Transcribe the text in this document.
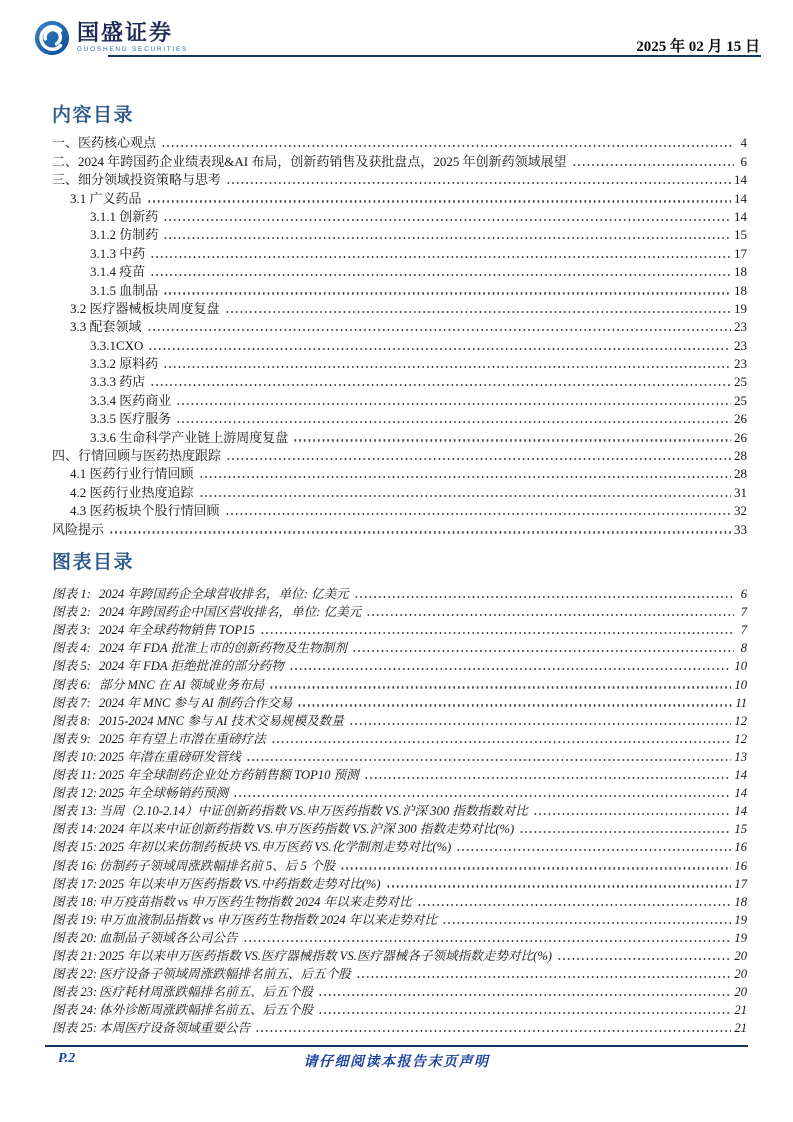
国盛证券
GUOSHENG SECURITIES	2025 年 02 月 15 日
内容目录
一、医药核心观点	4
二、2024 年跨国药企业绩表现&AI 布局，创新药销售及获批盘点，2025 年创新药领域展望	6
三、细分领域投资策略与思考	14
3.1 广义药品	14
3.1.1 创新药	14
3.1.2 仿制药	15
3.1.3 中药	17
3.1.4 疫苗	18
3.1.5 血制品	18
3.2 医疗器械板块周度复盘	19
3.3 配套领域	23
3.3.1CXO	23
3.3.2 原料药	23
3.3.3 药店	25
3.3.4 医药商业	25
3.3.5 医疗服务	26
3.3.6 生命科学产业链上游周度复盘	26
四、行情回顾与医药热度跟踪	28
4.1 医药行业行情回顾	28
4.2 医药行业热度追踪	31
4.3 医药板块个股行情回顾	32
风险提示	33
图表目录
图表 1: 2024 年跨国药企全球营收排名，单位: 亿美元	6
图表 2: 2024 年跨国药企中国区营收排名，单位: 亿美元	7
图表 3: 2024 年全球药物销售 TOP15	7
图表 4: 2024 年 FDA 批准上市的创新药物及生物制剂	8
图表 5: 2024 年 FDA 拒绝批准的部分药物	10
图表 6: 部分 MNC 在 AI 领域业务布局	10
图表 7: 2024 年 MNC 参与 AI 制药合作交易	11
图表 8: 2015-2024 MNC 参与 AI 技术交易规模及数量	12
图表 9: 2025 年有望上市潜在重磅疗法	12
图表 10: 2025 年潜在重磅研发管线	13
图表 11: 2025 年全球制药企业处方药销售额 TOP10 预测	14
图表 12: 2025 年全球畅销药预测	14
图表 13: 当周（2.10-2.14）中证创新药指数 VS.申万医药指数 VS.沪深 300 指数指数对比	14
图表 14: 2024 年以来中证创新药指数 VS.申万医药指数 VS.沪深 300 指数走势对比(%)	15
图表 15: 2025 年初以来仿制药板块 VS.申万医药 VS.化学制剂走势对比(%)	16
图表 16: 仿制药子领域周涨跌幅排名前 5、后 5 个股	16
图表 17: 2025 年以来申万医药指数 VS.中药指数走势对比(%)	17
图表 18: 申万疫苗指数 vs 申万医药生物指数 2024 年以来走势对比	18
图表 19: 申万血液制品指数 vs 申万医药生物指数 2024 年以来走势对比	19
图表 20: 血制品子领域各公司公告	19
图表 21: 2025 年以来申万医药指数 VS.医疗器械指数 VS.医疗器械各子领域指数走势对比(%)	20
图表 22: 医疗设备子领域周涨跌幅排名前五、后五个股	20
图表 23: 医疗耗材周涨跌幅排名前五、后五个股	20
图表 24: 体外诊断周涨跌幅排名前五、后五个股	21
图表 25: 本周医疗设备领域重要公告	21
P.2	请仔细阅读本报告末页声明
